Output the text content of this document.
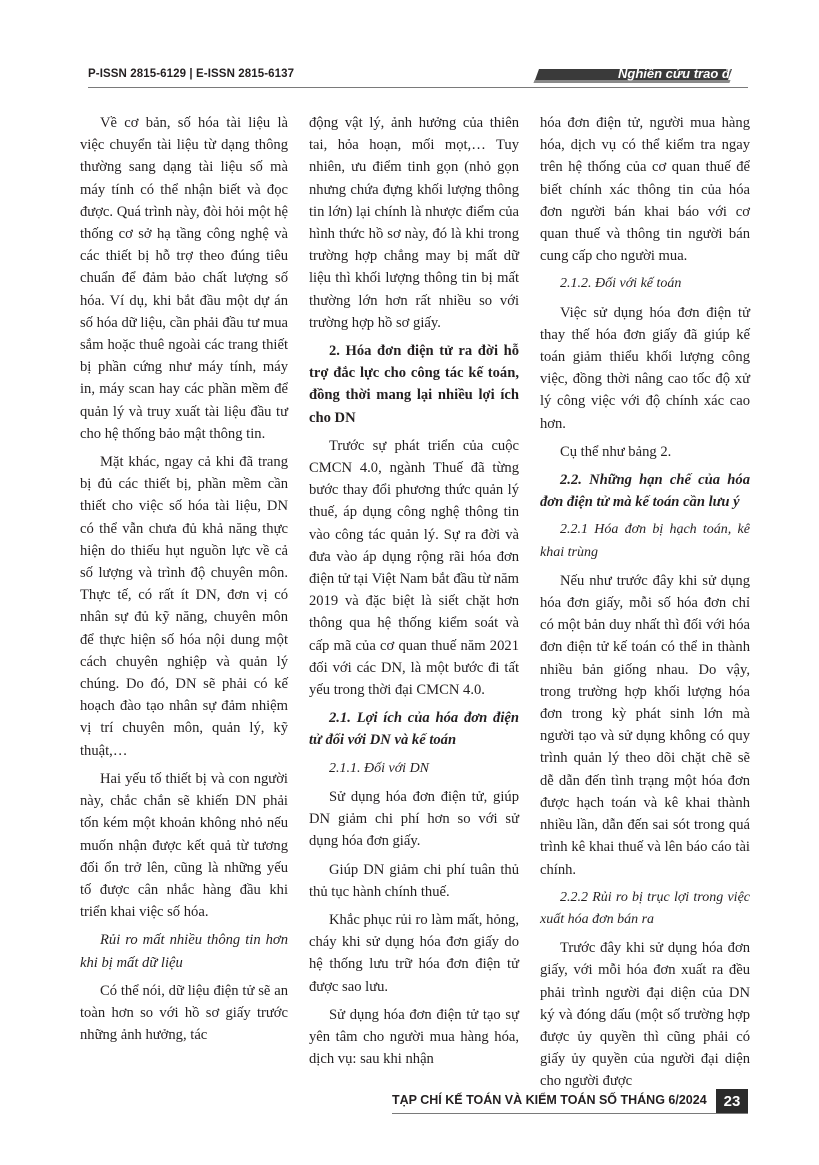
P-ISSN 2815-6129 | E-ISSN 2815-6137	Nghiên cứu trao đổi

Về cơ bản, số hóa tài liệu là việc chuyển tài liệu từ dạng thông thường sang dạng tài liệu số mà máy tính có thể nhận biết và đọc được. Quá trình này, đòi hỏi một hệ thống cơ sở hạ tầng công nghệ và các thiết bị hỗ trợ theo đúng tiêu chuẩn để đảm bảo chất lượng số hóa. Ví dụ, khi bắt đầu một dự án số hóa dữ liệu, cần phải đầu tư mua sắm hoặc thuê ngoài các trang thiết bị phần cứng như máy tính, máy in, máy scan hay các phần mềm để quản lý và truy xuất tài liệu đầu tư cho hệ thống bảo mật thông tin.

Mặt khác, ngay cả khi đã trang bị đủ các thiết bị, phần mềm cần thiết cho việc số hóa tài liệu, DN có thể vẫn chưa đủ khả năng thực hiện do thiếu hụt nguồn lực về cả số lượng và trình độ chuyên môn. Thực tế, có rất ít DN, đơn vị có nhân sự đủ kỹ năng, chuyên môn để thực hiện số hóa nội dung một cách chuyên nghiệp và quản lý chúng. Do đó, DN sẽ phải có kế hoạch đào tạo nhân sự đảm nhiệm vị trí chuyên môn, quản lý, kỹ thuật,…

Hai yếu tố thiết bị và con người này, chắc chắn sẽ khiến DN phải tốn kém một khoản không nhỏ nếu muốn nhận được kết quả từ tương đối ổn trở lên, cũng là những yếu tố được cân nhắc hàng đầu khi triển khai việc số hóa.

Rủi ro mất nhiều thông tin hơn khi bị mất dữ liệu

Có thể nói, dữ liệu điện tử sẽ an toàn hơn so với hồ sơ giấy trước những ảnh hưởng, tác

động vật lý, ảnh hưởng của thiên tai, hỏa hoạn, mối mọt,… Tuy nhiên, ưu điểm tinh gọn (nhỏ gọn nhưng chứa đựng khối lượng thông tin lớn) lại chính là nhược điểm của hình thức hồ sơ này, đó là khi trong trường hợp chẳng may bị mất dữ liệu thì khối lượng thông tin bị mất thường lớn hơn rất nhiều so với trường hợp hồ sơ giấy.

2. Hóa đơn điện tử ra đời hỗ trợ đắc lực cho công tác kế toán, đồng thời mang lại nhiều lợi ích cho DN

Trước sự phát triển của cuộc CMCN 4.0, ngành Thuế đã từng bước thay đổi phương thức quản lý thuế, áp dụng công nghệ thông tin vào công tác quản lý. Sự ra đời và đưa vào áp dụng rộng rãi hóa đơn điện tử tại Việt Nam bắt đầu từ năm 2019 và đặc biệt là siết chặt hơn thông qua hệ thống kiểm soát và cấp mã của cơ quan thuế năm 2021 đối với các DN, là một bước đi tất yếu trong thời đại CMCN 4.0.

2.1. Lợi ích của hóa đơn điện tử đối với DN và kế toán

2.1.1. Đối với DN

Sử dụng hóa đơn điện tử, giúp DN giảm chi phí hơn so với sử dụng hóa đơn giấy.

Giúp DN giảm chi phí tuân thủ thủ tục hành chính thuế.

Khắc phục rủi ro làm mất, hỏng, cháy khi sử dụng hóa đơn giấy do hệ thống lưu trữ hóa đơn điện tử được sao lưu.

Sử dụng hóa đơn điện tử tạo sự yên tâm cho người mua hàng hóa, dịch vụ: sau khi nhận

hóa đơn điện tử, người mua hàng hóa, dịch vụ có thể kiểm tra ngay trên hệ thống của cơ quan thuế để biết chính xác thông tin của hóa đơn người bán khai báo với cơ quan thuế và thông tin người bán cung cấp cho người mua.

2.1.2. Đối với kế toán

Việc sử dụng hóa đơn điện tử thay thế hóa đơn giấy đã giúp kế toán giảm thiểu khối lượng công việc, đồng thời nâng cao tốc độ xử lý công việc với độ chính xác cao hơn.

Cụ thể như bảng 2.

2.2. Những hạn chế của hóa đơn điện tử mà kế toán cần lưu ý

2.2.1 Hóa đơn bị hạch toán, kê khai trùng

Nếu như trước đây khi sử dụng hóa đơn giấy, mỗi số hóa đơn chỉ có một bản duy nhất thì đối với hóa đơn điện tử kế toán có thể in thành nhiều bản giống nhau. Do vậy, trong trường hợp khối lượng hóa đơn trong kỳ phát sinh lớn mà người tạo và sử dụng không có quy trình quản lý theo dõi chặt chẽ sẽ dễ dẫn đến tình trạng một hóa đơn được hạch toán và kê khai thành nhiều lần, dẫn đến sai sót trong quá trình kê khai thuế và lên báo cáo tài chính.

2.2.2 Rủi ro bị trục lợi trong việc xuất hóa đơn bán ra

Trước đây khi sử dụng hóa đơn giấy, với mỗi hóa đơn xuất ra đều phải trình người đại diện của DN ký và đóng dấu (một số trường hợp được ủy quyền thì cũng phải có giấy ủy quyền của người đại diện cho người được

TẠP CHÍ KẾ TOÁN VÀ KIỂM TOÁN SỐ THÁNG 6/2024	23
